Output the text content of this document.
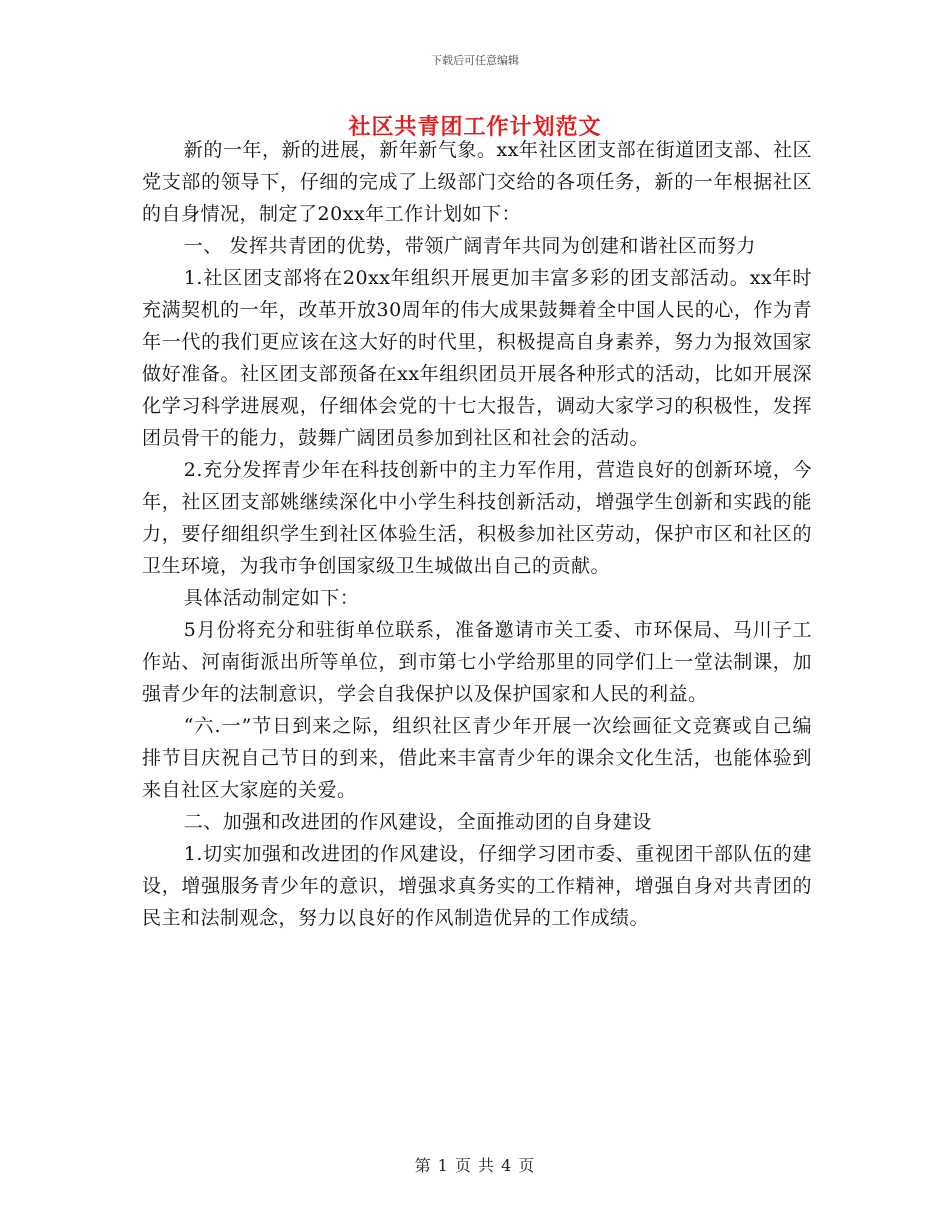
下载后可任意编辑
社区共青团工作计划范文

新的一年，新的进展，新年新气象。xx年社区团支部在街道团支部、社区党支部的领导下，仔细的完成了上级部门交给的各项任务，新的一年根据社区的自身情况，制定了20xx年工作计划如下：

一、 发挥共青团的优势，带领广阔青年共同为创建和谐社区而努力

1.社区团支部将在20xx年组织开展更加丰富多彩的团支部活动。xx年时充满契机的一年，改革开放30周年的伟大成果鼓舞着全中国人民的心，作为青年一代的我们更应该在这大好的时代里，积极提高自身素养，努力为报效国家做好准备。社区团支部预备在xx年组织团员开展各种形式的活动，比如开展深化学习科学进展观，仔细体会党的十七大报告，调动大家学习的积极性，发挥团员骨干的能力，鼓舞广阔团员参加到社区和社会的活动。

2.充分发挥青少年在科技创新中的主力军作用，营造良好的创新环境，今年，社区团支部姚继续深化中小学生科技创新活动，增强学生创新和实践的能力，要仔细组织学生到社区体验生活，积极参加社区劳动，保护市区和社区的卫生环境，为我市争创国家级卫生城做出自己的贡献。

具体活动制定如下：

5月份将充分和驻街单位联系，准备邀请市关工委、市环保局、马川子工作站、河南街派出所等单位，到市第七小学给那里的同学们上一堂法制课，加强青少年的法制意识，学会自我保护以及保护国家和人民的利益。

“六.一”节日到来之际，组织社区青少年开展一次绘画征文竞赛或自己编排节目庆祝自己节日的到来，借此来丰富青少年的课余文化生活，也能体验到来自社区大家庭的关爱。

二、加强和改进团的作风建设，全面推动团的自身建设

1.切实加强和改进团的作风建设，仔细学习团市委、重视团干部队伍的建设，增强服务青少年的意识，增强求真务实的工作精神，增强自身对共青团的民主和法制观念，努力以良好的作风制造优异的工作成绩。

第 1 页 共 4 页
